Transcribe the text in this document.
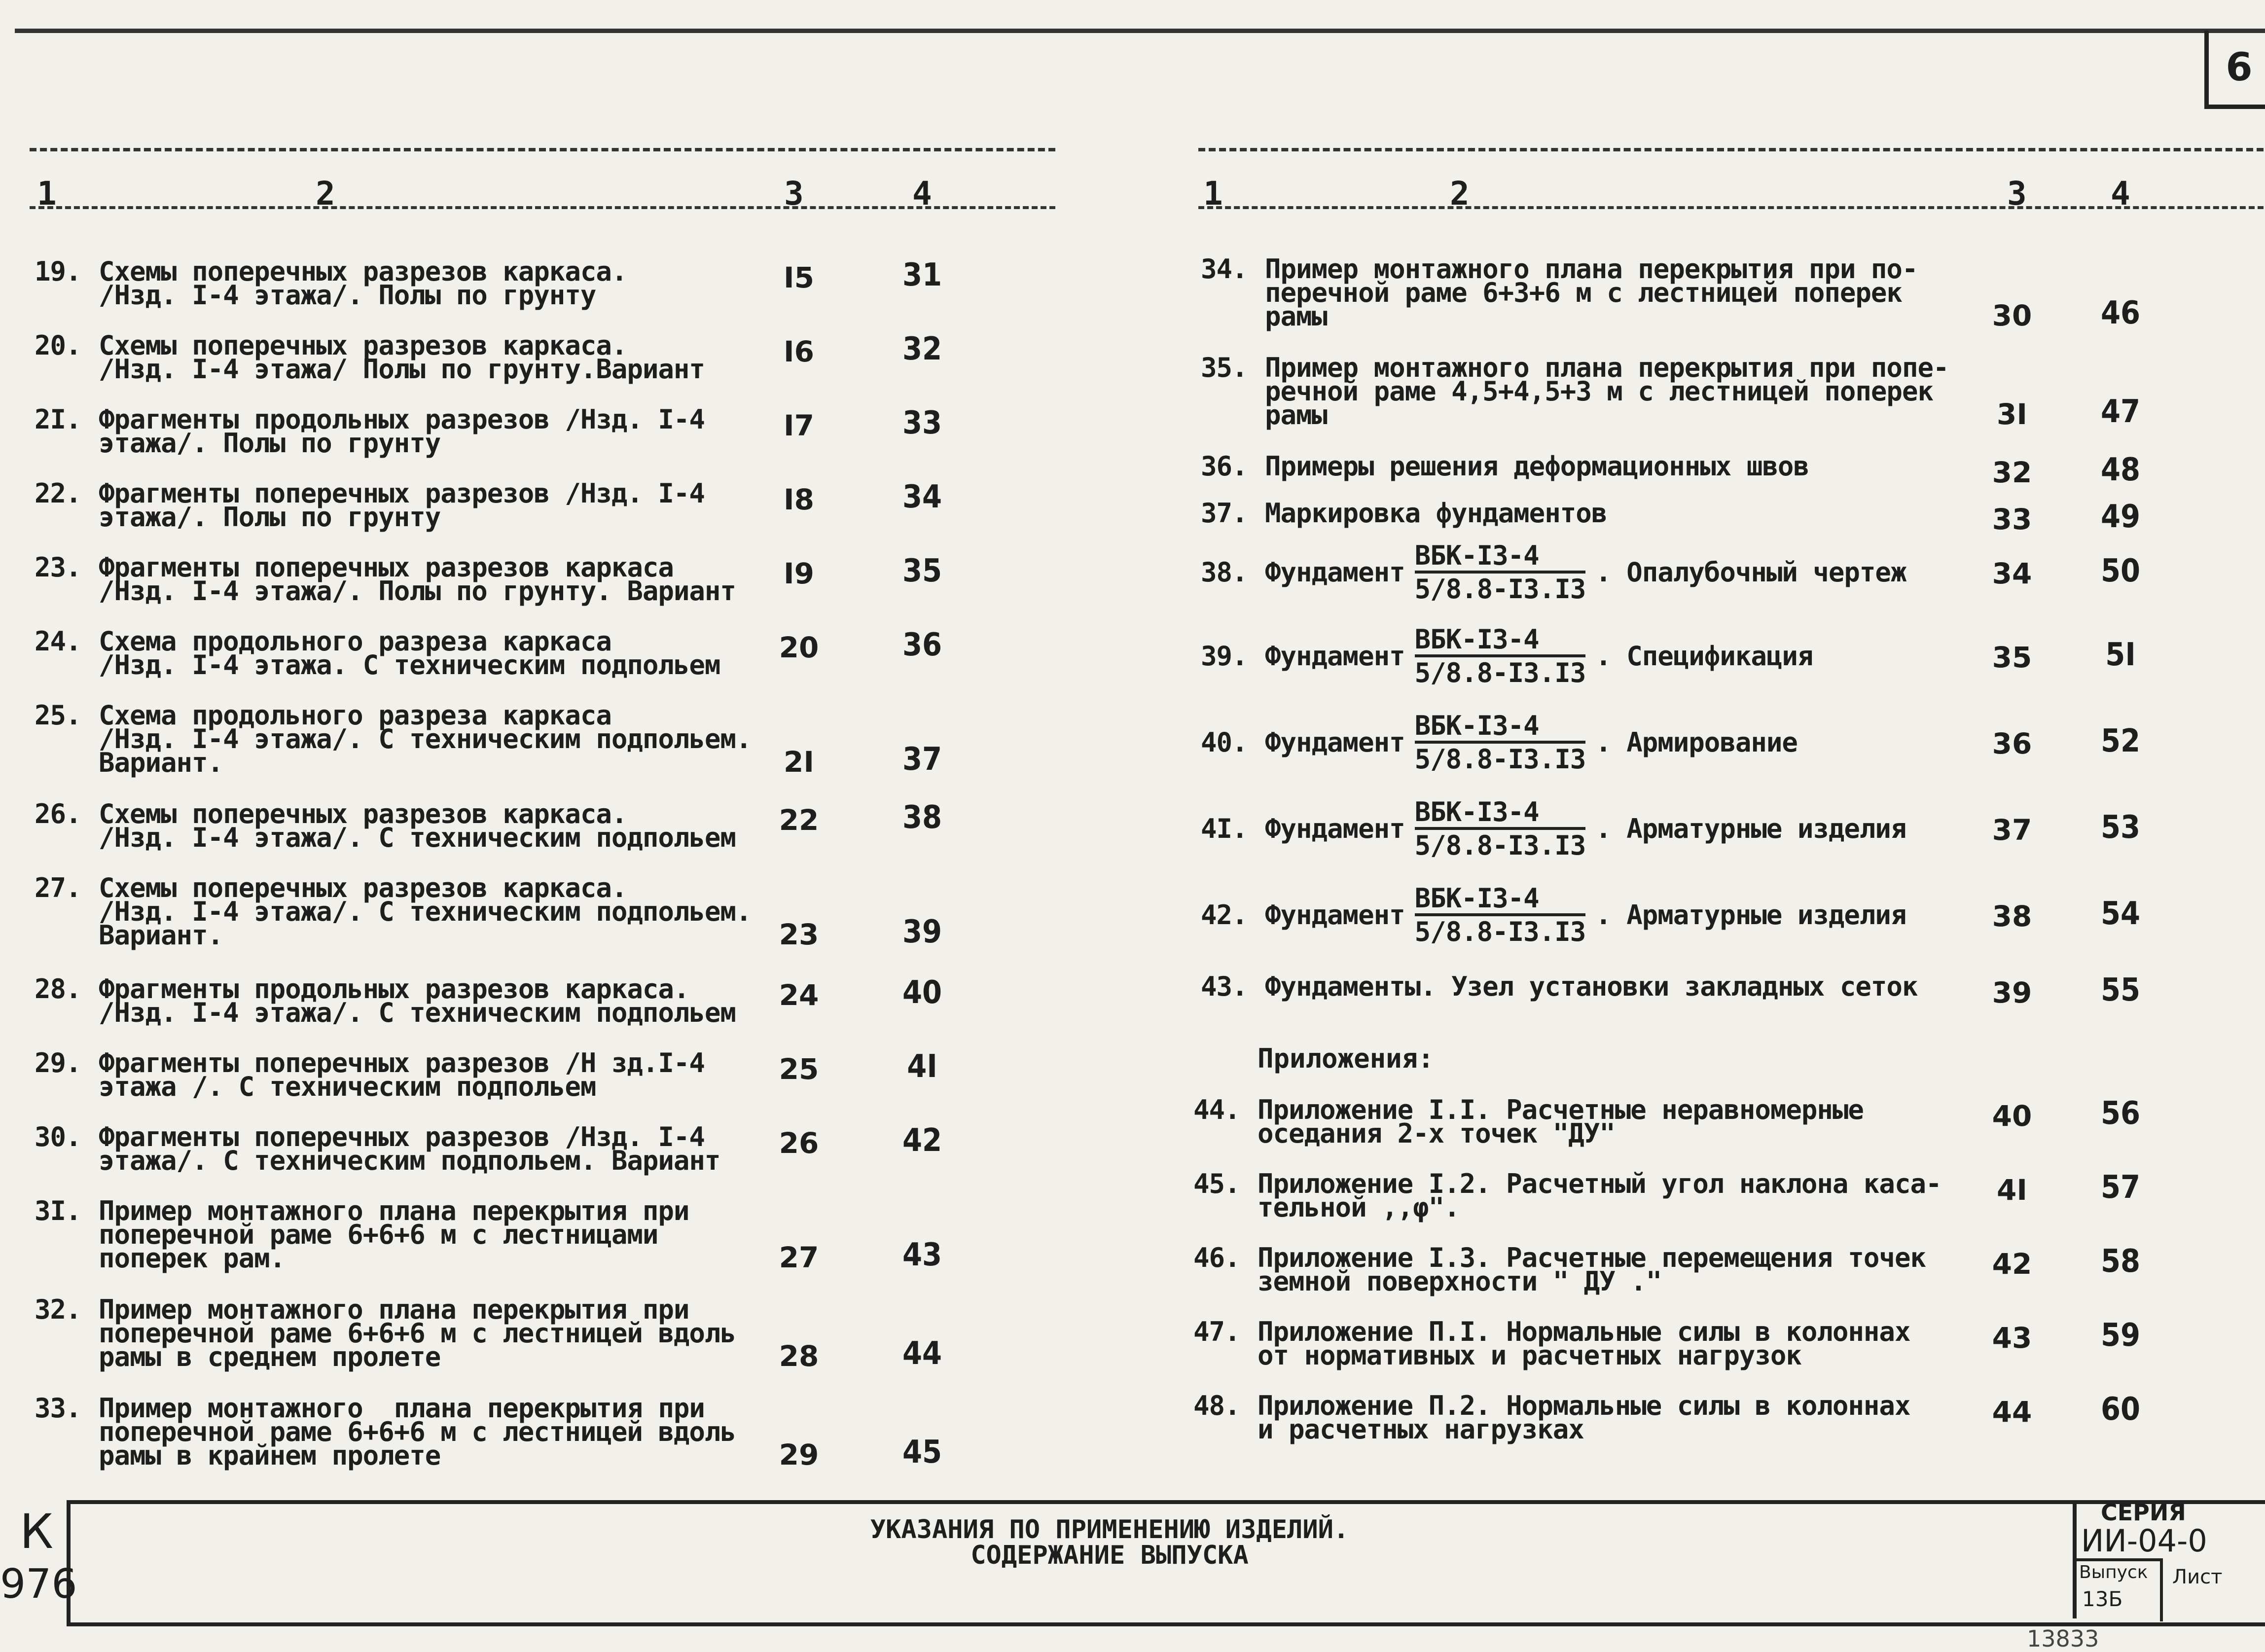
6
1	2	3	4	1	2	3	4
19. Схемы поперечных разрезов каркаса.
/Нзд. I-4 этажа/. Полы по грунту
I5	31
20. Схемы поперечных разрезов каркаса.
/Нзд. I-4 этажа/ Полы по грунту.Вариант
I6	32
2I. Фрагменты продольных разрезов /Нзд. I-4
этажа/. Полы по грунту
I7	33
22. Фрагменты поперечных разрезов /Нзд. I-4
этажа/. Полы по грунту
I8	34
23. Фрагменты поперечных разрезов каркаса
/Нзд. I-4 этажа/. Полы по грунту. Вариант
I9	35
24. Схема продольного разреза каркаса
/Нзд. I-4 этажа. С техническим подпольем
20	36
25. Схема продольного разреза каркаса
/Нзд. I-4 этажа/. С техническим подпольем.
Вариант.	2I	37
26. Схемы поперечных разрезов каркаса.
/Нзд. I-4 этажа/. С техническим подпольем
22	38
27. Схемы поперечных разрезов каркаса.
/Нзд. I-4 этажа/. С техническим подпольем.
Вариант.	23	39
28. Фрагменты продольных разрезов каркаса.
/Нзд. I-4 этажа/. С техническим подпольем
24	40
29. Фрагменты поперечных разрезов /Н зд.I-4
этажа /. С техническим подпольем
25	4I
30. Фрагменты поперечных разрезов /Нзд. I-4
этажа/. С техническим подпольем. Вариант
26	42
3I. Пример монтажного плана перекрытия при
поперечной раме 6+6+6 м с лестницами
поперек рам.	27	43
32. Пример монтажного плана перекрытия при
поперечной раме 6+6+6 м с лестницей вдоль
рамы в среднем пролете	28	44
33. Пример монтажного  плана перекрытия при
поперечной раме 6+6+6 м с лестницей вдоль
рамы в крайнем пролете	29	45
34. Пример монтажного плана перекрытия при по-
перечной раме 6+3+6 м с лестницей поперек
рамы	30	46
35. Пример монтажного плана перекрытия при попе-
речной раме 4,5+4,5+3 м с лестницей поперек
рамы	3I	47
36. Примеры решения деформационных швов	32	48
37. Маркировка фундаментов	33	49
38. Фундамент $\frac{\text{ВБК-I3-4}}{5/8.8-I3.I3}$ . Опалубочный чертеж	34	50
39. Фундамент $\frac{\text{ВБК-I3-4}}{5/8.8-I3.I3}$ . Спецификация	35	5I
40. Фундамент $\frac{\text{ВБК-I3-4}}{5/8.8-I3.I3}$ . Армирование	36	52
4I. Фундамент $\frac{\text{ВБК-I3-4}}{5/8.8-I3.I3}$ . Арматурные изделия	37	53
42. Фундамент $\frac{\text{ВБК-I3-4}}{5/8.8-I3.I3}$ . Арматурные изделия	38	54
43. Фундаменты. Узел установки закладных сеток	39	55
44. Приложение I.I. Расчетные неравномерные
оседания 2-х точек "ДУ"
40	56
45. Приложение I.2. Расчетный угол наклона каса-
тельной ,,φ".
4I	57
46. Приложение I.3. Расчетные перемещения точек
земной поверхности " ДУ ."
42	58
47. Приложение П.I. Нормальные силы в колоннах
от нормативных и расчетных нагрузок
43	59
48. Приложение П.2. Нормальные силы в колоннах
и расчетных нагрузках
44	60
Приложения:
К
976
УКАЗАНИЯ ПО ПРИМЕНЕНИЮ ИЗДЕЛИЙ.
СОДЕРЖАНИЕ ВЫПУСКА
СЕРИЯ
ИИ-04-0
Выпуск
13Б
Лист
13833
